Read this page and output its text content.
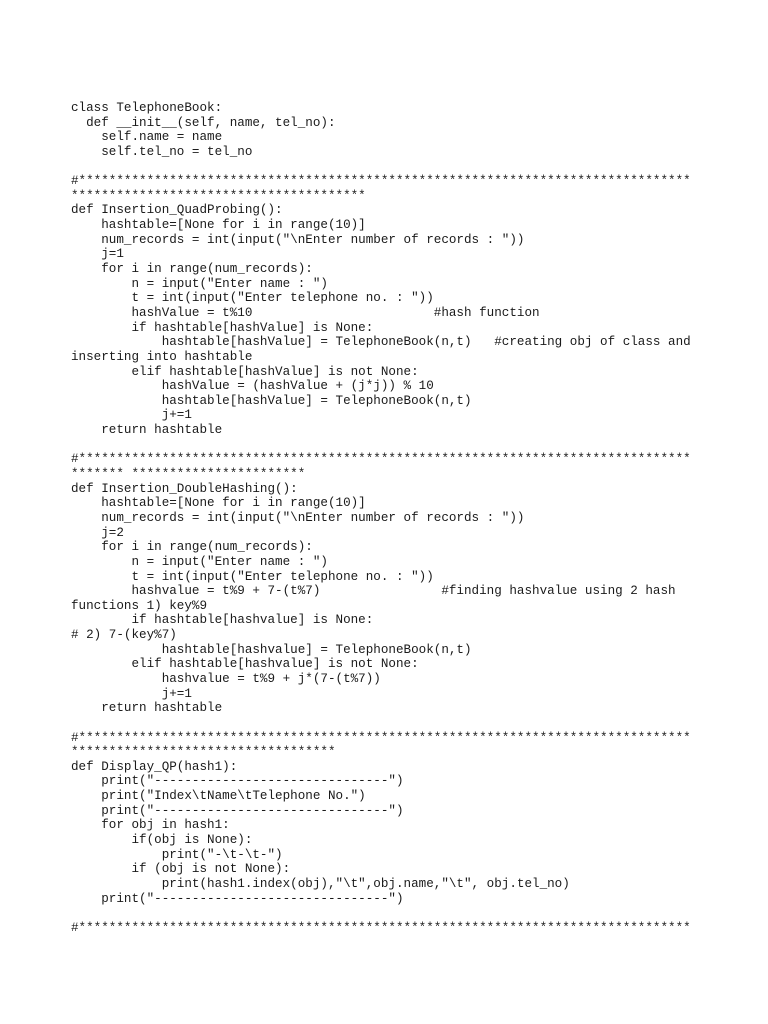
class TelephoneBook:
def __init__(self, name, tel_no):
self.name = name
self.tel_no = tel_no
#*********************************************************************************
***************************************
def Insertion_QuadProbing():
hashtable=[None for i in range(10)]
num_records = int(input("\nEnter number of records : "))
j=1
for i in range(num_records):
n = input("Enter name : ")
t = int(input("Enter telephone no. : "))
hashValue = t%10                        #hash function
if hashtable[hashValue] is None:
hashtable[hashValue] = TelephoneBook(n,t)   #creating obj of class and
inserting into hashtable
elif hashtable[hashValue] is not None:
hashValue = (hashValue + (j*j)) % 10
hashtable[hashValue] = TelephoneBook(n,t)
j+=1
return hashtable
#*********************************************************************************
******* ***********************
def Insertion_DoubleHashing():
hashtable=[None for i in range(10)]
num_records = int(input("\nEnter number of records : "))
j=2
for i in range(num_records):
n = input("Enter name : ")
t = int(input("Enter telephone no. : "))
hashvalue = t%9 + 7-(t%7)                #finding hashvalue using 2 hash
functions 1) key%9
if hashtable[hashvalue] is None:
# 2) 7-(key%7)
hashtable[hashvalue] = TelephoneBook(n,t)
elif hashtable[hashvalue] is not None:
hashvalue = t%9 + j*(7-(t%7))
j+=1
return hashtable
#*********************************************************************************
***********************************
def Display_QP(hash1):
print("-------------------------------")
print("Index\tName\tTelephone No.")
print("-------------------------------")
for obj in hash1:
if(obj is None):
print("-\t-\t-")
if (obj is not None):
print(hash1.index(obj),"\t",obj.name,"\t", obj.tel_no)
print("-------------------------------")
#*********************************************************************************
